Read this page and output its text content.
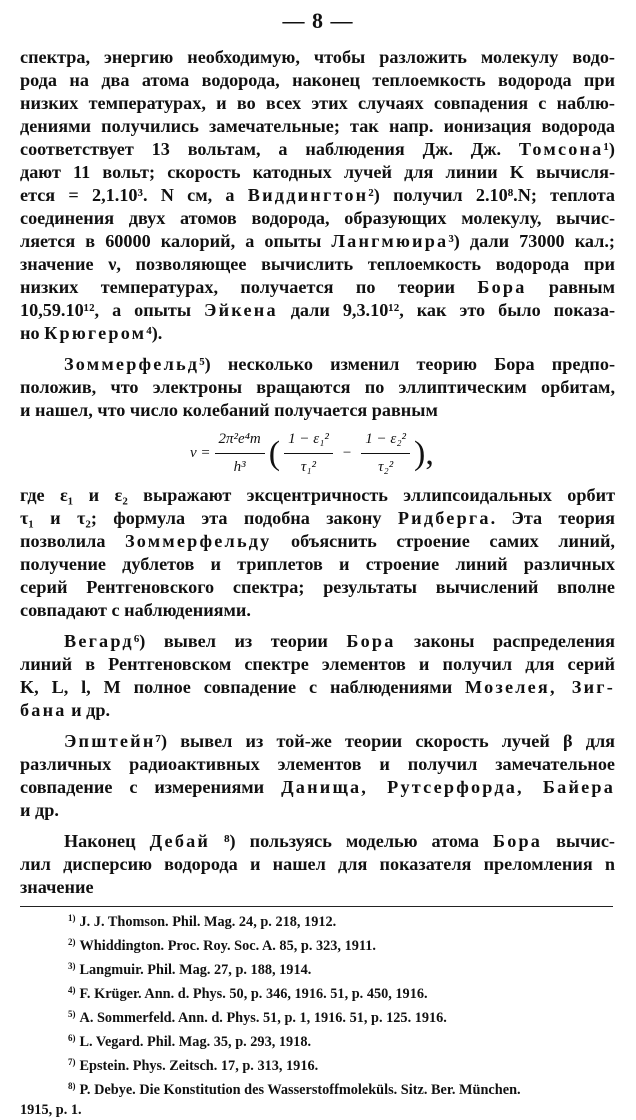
— 8 —
спектра, энергию необходимую, чтобы разложить молекулу водо-
рода на два атома водорода, наконец теплоемкость водорода при
низких температурах, и во всех этих случаях совпадения с наблю-
дениями получились замечательные; так напр. ионизация водорода
соответствует 13 вольтам, а наблюдения Дж. Дж. Томсона¹)
дают 11 вольт; скорость катодных лучей для линии K вычисля-
ется = 2,1.10³. N см, а Виддингтон²) получил 2.10⁸.N; теплота
соединения двух атомов водорода, образующих молекулу, вычис-
ляется в 60000 калорий, а опыты Лангмюира³) дали 73000 кал.;
значение ν, позволяющее вычислить теплоемкость водорода при
низких температурах, получается по теории Бора равным
10,59.10¹², а опыты Эйкена дали 9,3.10¹², как это было показа-
но Крюгером⁴).
Зоммерфельд⁵) несколько изменил теорию Бора предпо-
положив, что электроны вращаются по эллиптическим орбитам,
и нашел, что число колебаний получается равным
$\nu = \frac{\text{2π²e⁴m}}{\text{h³}}$ ( $\frac{\text{1 − ε₁²}}{\text{τ₁²}} - \frac{\text{1 − ε₂²}}{\text{τ₂²}}$ ),
где ε₁ и ε₂ выражают эксцентричность эллипсоидальных орбит
τ₁ и τ₂; формула эта подобна закону Ридберга. Эта теория
позволила Зоммерфельду объяснить строение самих линий,
получение дублетов и триплетов и строение линий различных
серий Рентгеновского спектра; результаты вычислений вполне
совпадают с наблюдениями.
Вегард⁶) вывел из теории Бора законы распределения
линий в Рентгеновском спектре элементов и получил для серий
K, L, l, M полное совпадение с наблюдениями Мозелея, Зиг-
бана и др.
Эпштейн⁷) вывел из той-же теории скорость лучей β для
различных радиоактивных элементов и получил замечательное
совпадение с измерениями Данища, Рутсерфорда, Байера
и др.
Наконец Дебай ⁸) пользуясь моделью атома Бора вычис-
лил дисперсию водорода и нашел для показателя преломления n
значение
$^{1)}$ J. J. Thomson. Phil. Mag. 24, p. 218, 1912.
$^{2)}$ Whiddington. Proc. Roy. Soc. A. 85, p. 323, 1911.
$^{3)}$ Langmuir. Phil. Mag. 27, p. 188, 1914.
$^{4)}$ F. Krüger. Ann. d. Phys. 50, p. 346, 1916. 51, p. 450, 1916.
$^{5)}$ A. Sommerfeld. Ann. d. Phys. 51, p. 1, 1916. 51, p. 125. 1916.
$^{6)}$ L. Vegard. Phil. Mag. 35, p. 293, 1918.
$^{7)}$ Epstein. Phys. Zeitsch. 17, p. 313, 1916.
$^{8)}$ P. Debye. Die Konstitution des Wasserstoffmoleküls. Sitz. Ber. München.
1915, p. 1.
